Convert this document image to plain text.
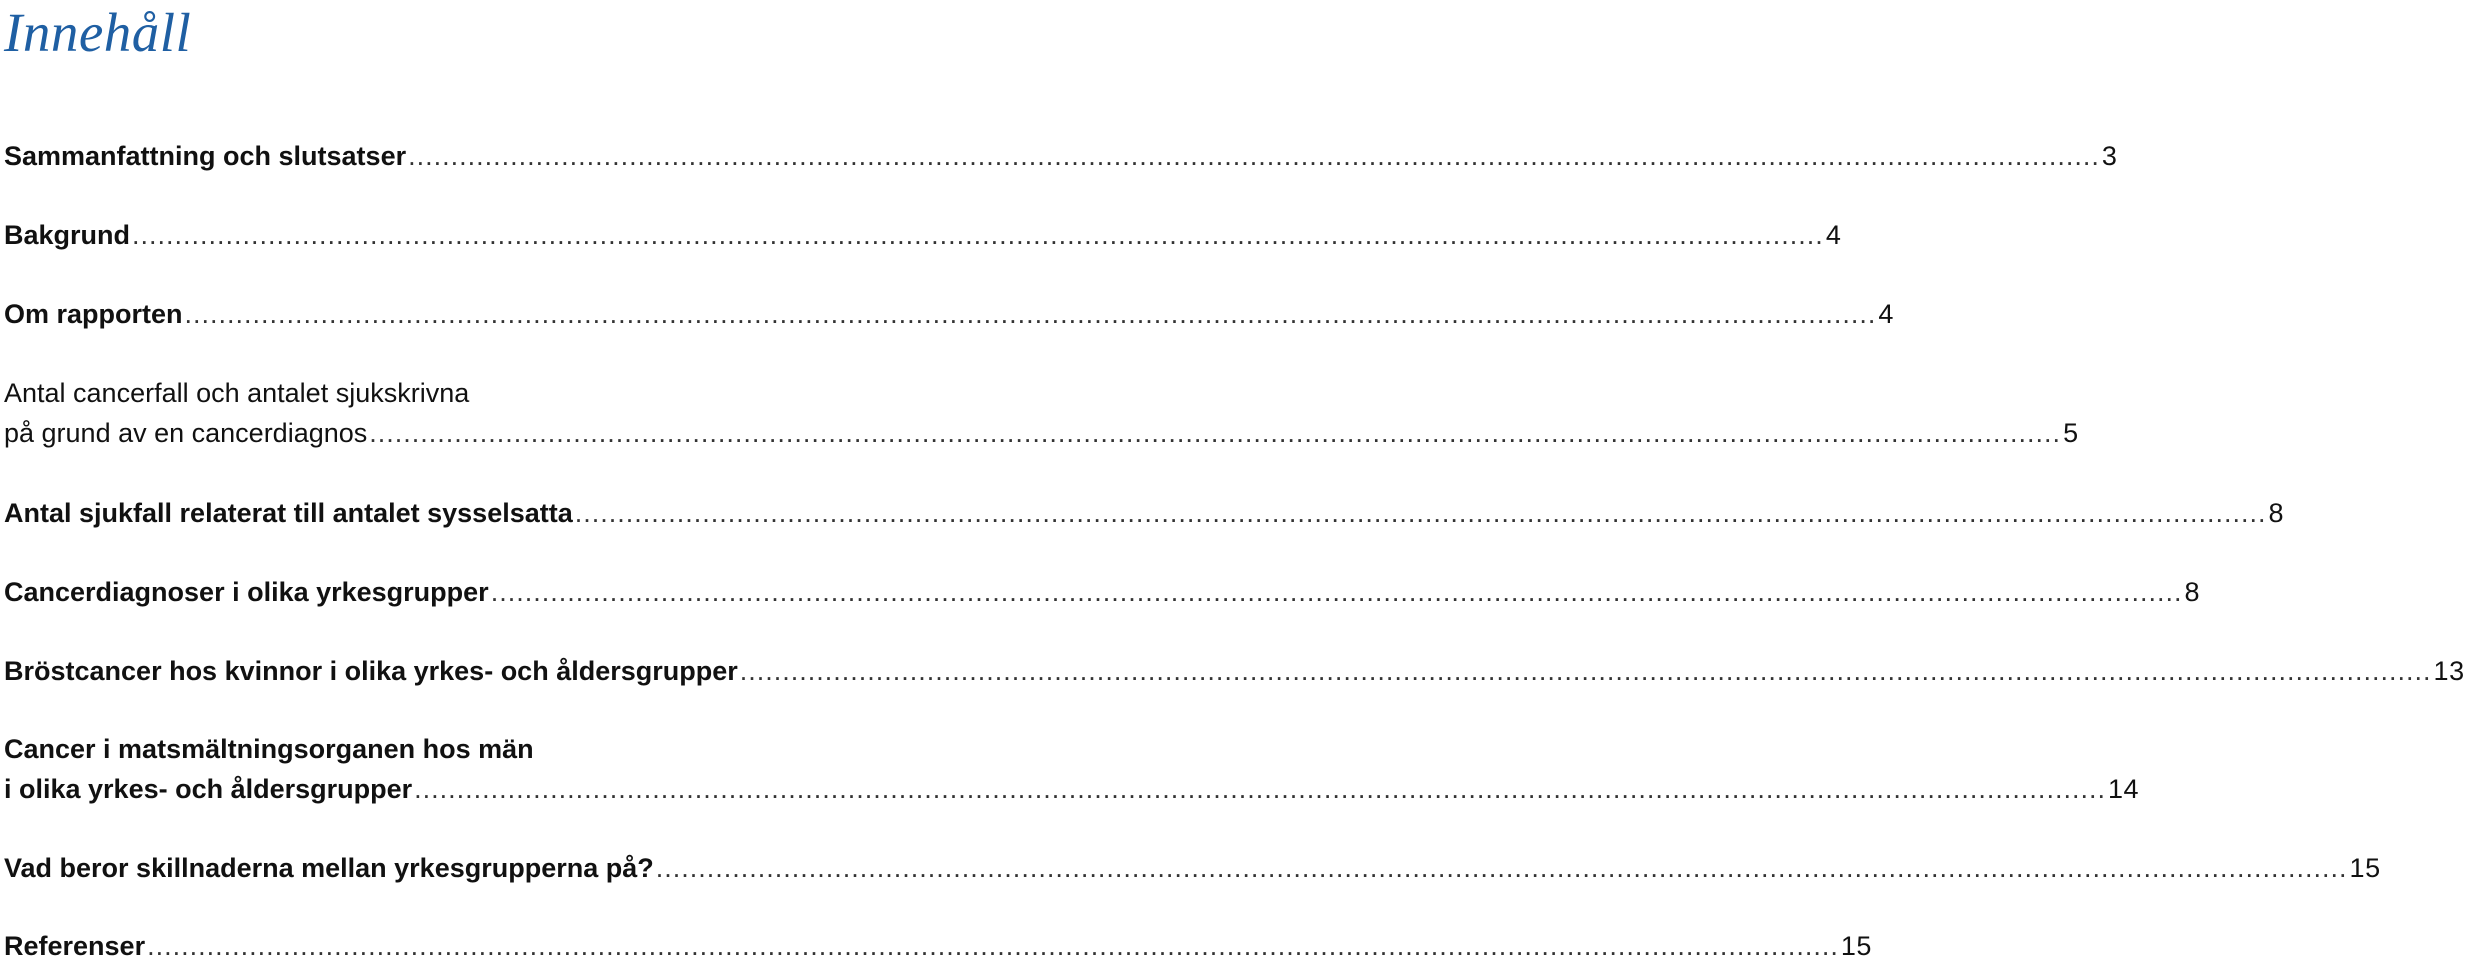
Innehåll
Sammanfattning och slutsatser ....................................................................................................................................................................................................... 3
Bakgrund ....................................................................................................................................................................................................... 4
Om rapporten ....................................................................................................................................................................................................... 4
Antal cancerfall och antalet sjukskrivna
på grund av en cancerdiagnos ....................................................................................................................................................................................................... 5
Antal sjukfall relaterat till antalet sysselsatta ....................................................................................................................................................................................................... 8
Cancerdiagnoser i olika yrkesgrupper ....................................................................................................................................................................................................... 8
Bröstcancer hos kvinnor i olika yrkes- och åldersgrupper ....................................................................................................................................................................................................... 13
Cancer i matsmältningsorganen hos män
i olika yrkes- och åldersgrupper ....................................................................................................................................................................................................... 14
Vad beror skillnaderna mellan yrkesgrupperna på? ....................................................................................................................................................................................................... 15
Referenser ....................................................................................................................................................................................................... 15
